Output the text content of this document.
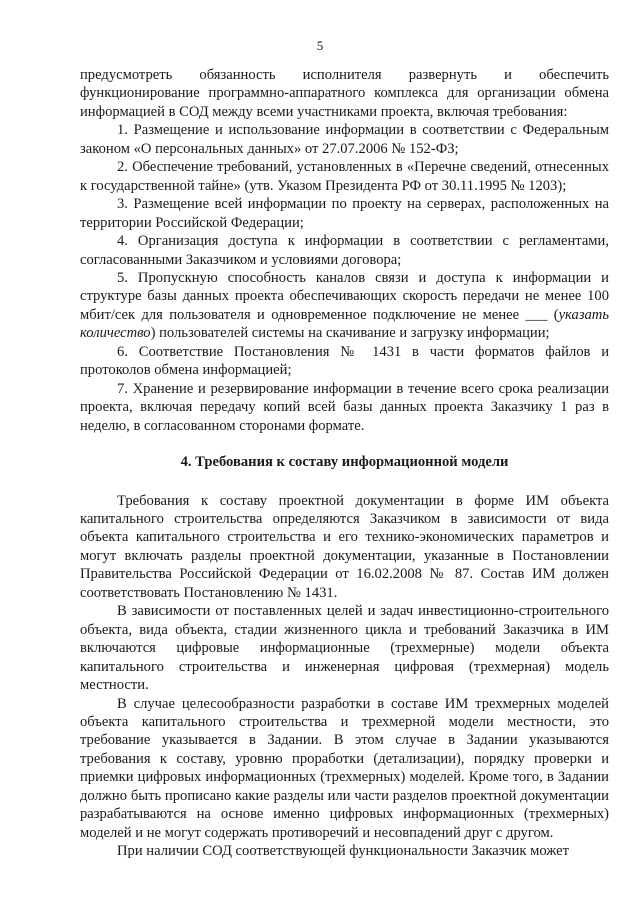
5

предусмотреть обязанность исполнителя развернуть и обеспечить функционирование программно-аппаратного комплекса для организации обмена информацией в СОД между всеми участниками проекта, включая требования:

1. Размещение и использование информации в соответствии с Федеральным законом «О персональных данных» от 27.07.2006 № 152-ФЗ;

2. Обеспечение требований, установленных в «Перечне сведений, отнесенных к государственной тайне» (утв. Указом Президента РФ от 30.11.1995 № 1203);

3. Размещение всей информации по проекту на серверах, расположенных на территории Российской Федерации;

4. Организация доступа к информации в соответствии с регламентами, согласованными Заказчиком и условиями договора;

5. Пропускную способность каналов связи и доступа к информации и структуре базы данных проекта обеспечивающих скорость передачи не менее 100 мбит/сек для пользователя и одновременное подключение не менее ___ (указать количество) пользователей системы на скачивание и загрузку информации;

6. Соответствие Постановления № 1431 в части форматов файлов и протоколов обмена информацией;

7. Хранение и резервирование информации в течение всего срока реализации проекта, включая передачу копий всей базы данных проекта Заказчику 1 раз в неделю, в согласованном сторонами формате.

4. Требования к составу информационной модели

Требования к составу проектной документации в форме ИМ объекта капитального строительства определяются Заказчиком в зависимости от вида объекта капитального строительства и его технико-экономических параметров и могут включать разделы проектной документации, указанные в Постановлении Правительства Российской Федерации от 16.02.2008 № 87. Состав ИМ должен соответствовать Постановлению № 1431.

В зависимости от поставленных целей и задач инвестиционно-строительного объекта, вида объекта, стадии жизненного цикла и требований Заказчика в ИМ включаются цифровые информационные (трехмерные) модели объекта капитального строительства и инженерная цифровая (трехмерная) модель местности.

В случае целесообразности разработки в составе ИМ трехмерных моделей объекта капитального строительства и трехмерной модели местности, это требование указывается в Задании. В этом случае в Задании указываются требования к составу, уровню проработки (детализации), порядку проверки и приемки цифровых информационных (трехмерных) моделей. Кроме того, в Задании должно быть прописано какие разделы или части разделов проектной документации разрабатываются на основе именно цифровых информационных (трехмерных) моделей и не могут содержать противоречий и несовпадений друг с другом.

При наличии СОД соответствующей функциональности Заказчик может
